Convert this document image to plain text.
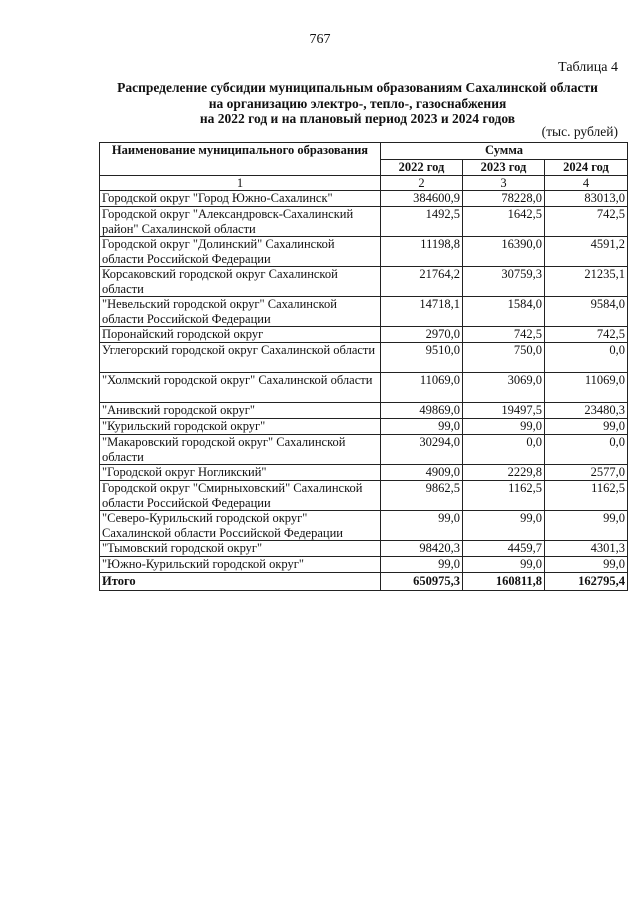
767
Таблица 4
Распределение субсидии муниципальным образованиям Сахалинской области
на организацию электро-, тепло-, газоснабжения
на 2022 год и на плановый период 2023 и 2024 годов
(тыс. рублей)
Наименование муниципального образования	Сумма		
	2022 год	2023 год	2024 год
1	2	3	4
Городской округ "Город Южно-Сахалинск"	384600,9	78228,0	83013,0
Городской округ "Александровск-Сахалинский район" Сахалинской области	1492,5	1642,5	742,5
Городской округ "Долинский" Сахалинской области Российской Федерации	11198,8	16390,0	4591,2
Корсаковский городской округ Сахалинской области	21764,2	30759,3	21235,1
"Невельский городской округ" Сахалинской области Российской Федерации	14718,1	1584,0	9584,0
Поронайский городской округ	2970,0	742,5	742,5
Углегорский городской округ Сахалинской области	9510,0	750,0	0,0
"Холмский городской округ" Сахалинской области	11069,0	3069,0	11069,0
"Анивский городской округ"	49869,0	19497,5	23480,3
"Курильский городской округ"	99,0	99,0	99,0
"Макаровский городской округ" Сахалинской области	30294,0	0,0	0,0
"Городской округ Ногликский"	4909,0	2229,8	2577,0
Городской округ "Смирныховский" Сахалинской области Российской Федерации	9862,5	1162,5	1162,5
"Северо-Курильский городской округ" Сахалинской области Российской Федерации	99,0	99,0	99,0
"Тымовский городской округ"	98420,3	4459,7	4301,3
"Южно-Курильский городской округ"	99,0	99,0	99,0
Итого	650975,3	160811,8	162795,4
